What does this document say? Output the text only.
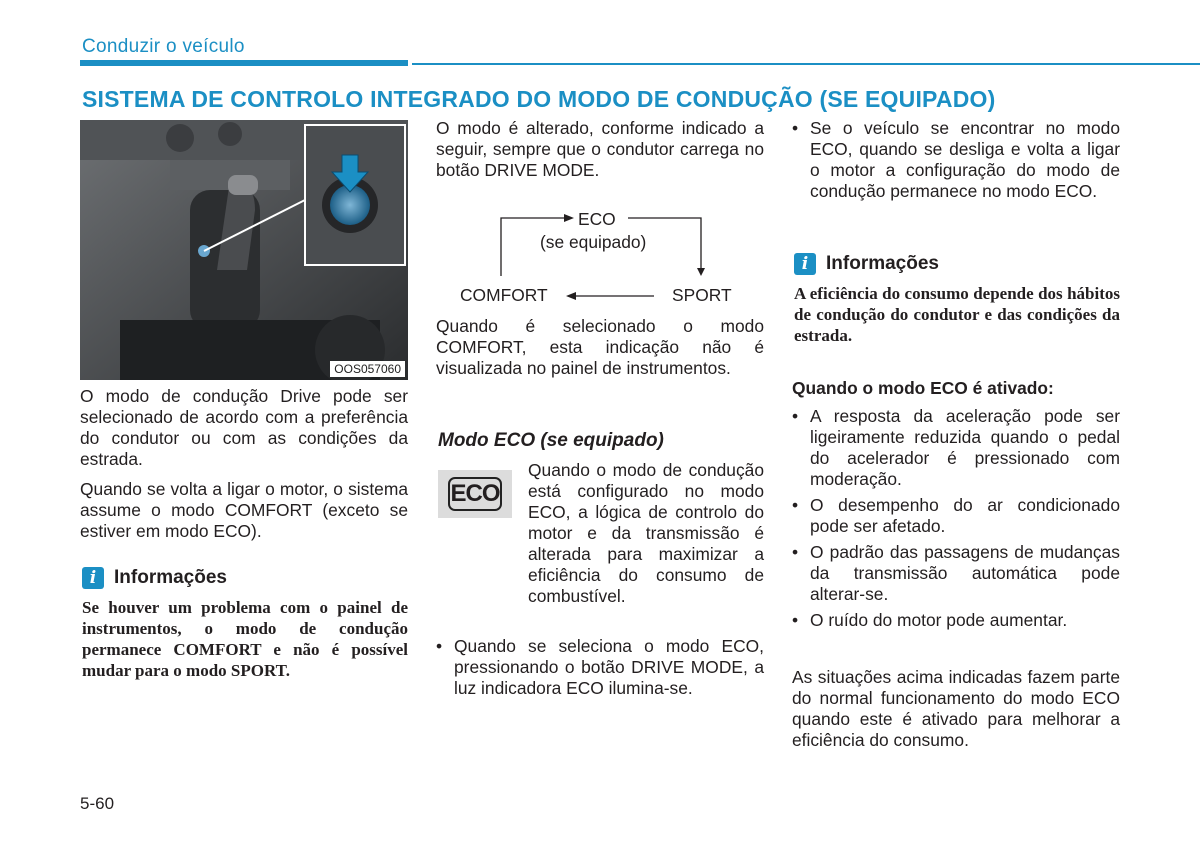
Conduzir o veículo
SISTEMA DE CONTROLO INTEGRADO DO MODO DE CONDUÇÃO (SE EQUIPADO)
OOS057060

O modo de condução Drive pode ser selecionado de acordo com a preferência do condutor ou com as condições da estrada.

Quando se volta a ligar o motor, o sistema assume o modo COMFORT (exceto se estiver em modo ECO).

i Informações
Se houver um problema com o painel de instrumentos, o modo de condução permanece COMFORT e não é possível mudar para o modo SPORT.
O modo é alterado, conforme indicado a seguir, sempre que o condutor carrega no botão DRIVE MODE.
ECO
(se equipado)
COMFORT	SPORT
Quando é selecionado o modo COMFORT, esta indicação não é visualizada no painel de instrumentos.
Modo ECO (se equipado)
ECO
Quando o modo de condução está configurado no modo ECO, a lógica de controlo do motor e da transmissão é alterada para maximizar a eficiência do consumo de combustível.
• Quando se seleciona o modo ECO, pressionando o botão DRIVE MODE, a luz indicadora ECO ilumina-se.
• Se o veículo se encontrar no modo ECO, quando se desliga e volta a ligar o motor a configuração do modo de condução permanece no modo ECO.
i Informações
A eficiência do consumo depende dos hábitos de condução do condutor e das condições da estrada.
Quando o modo ECO é ativado:
• A resposta da aceleração pode ser ligeiramente reduzida quando o pedal do acelerador é pressionado com moderação.
• O desempenho do ar condicionado pode ser afetado.
• O padrão das passagens de mudanças da transmissão automática pode alterar-se.
• O ruído do motor pode aumentar.
As situações acima indicadas fazem parte do normal funcionamento do modo ECO quando este é ativado para melhorar a eficiência do consumo.
5-60
